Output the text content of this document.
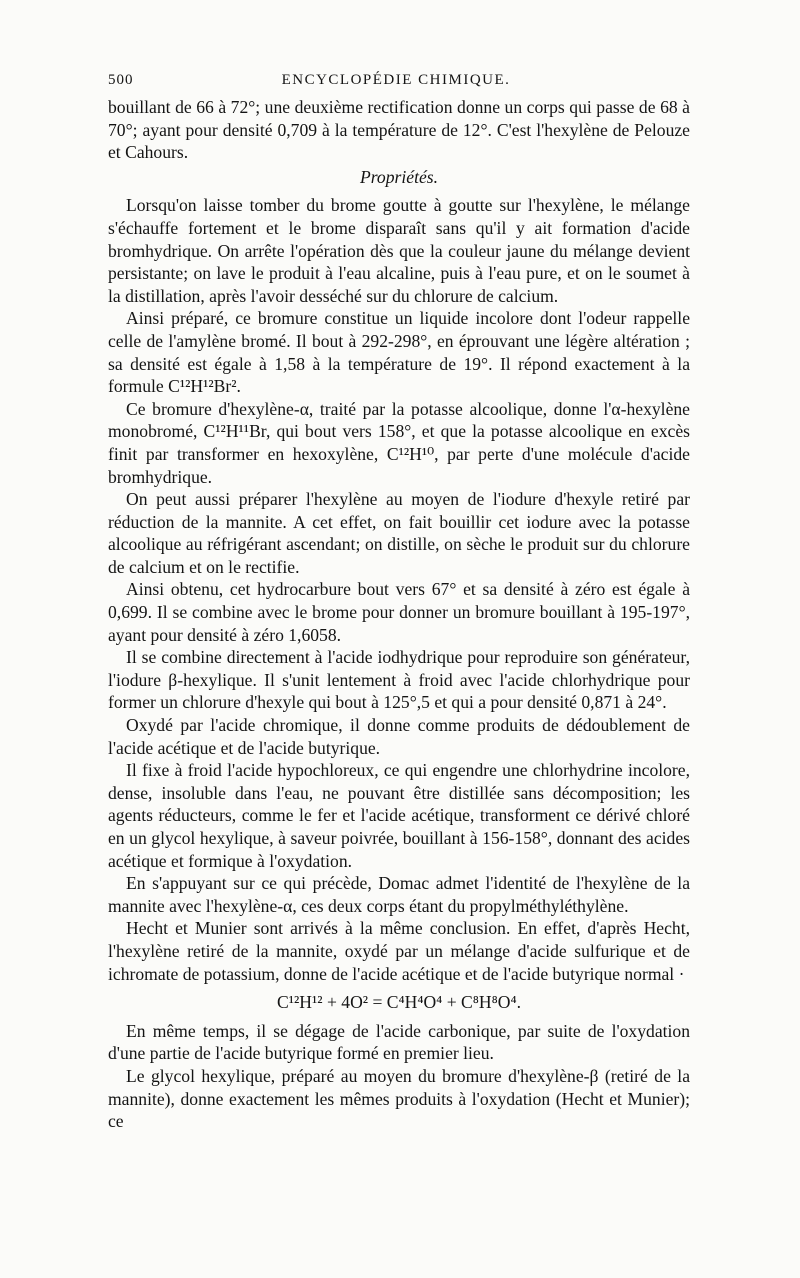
500	ENCYCLOPÉDIE CHIMIQUE.

bouillant de 66 à 72°; une deuxième rectification donne un corps qui passe de 68 à 70°; ayant pour densité 0,709 à la température de 12°. C'est l'hexylène de Pelouze et Cahours.

Propriétés.

Lorsqu'on laisse tomber du brome goutte à goutte sur l'hexylène, le mélange s'échauffe fortement et le brome disparaît sans qu'il y ait formation d'acide bromhydrique. On arrête l'opération dès que la couleur jaune du mélange devient persistante; on lave le produit à l'eau alcaline, puis à l'eau pure, et on le soumet à la distillation, après l'avoir desséché sur du chlorure de calcium.

Ainsi préparé, ce bromure constitue un liquide incolore dont l'odeur rappelle celle de l'amylène bromé. Il bout à 292-298°, en éprouvant une légère altération ; sa densité est égale à 1,58 à la température de 19°. Il répond exactement à la formule C¹²H¹²Br².

Ce bromure d'hexylène-α, traité par la potasse alcoolique, donne l'α-hexylène monobromé, C¹²H¹¹Br, qui bout vers 158°, et que la potasse alcoolique en excès finit par transformer en hexoxylène, C¹²H¹⁰, par perte d'une molécule d'acide bromhydrique.

On peut aussi préparer l'hexylène au moyen de l'iodure d'hexyle retiré par réduction de la mannite. A cet effet, on fait bouillir cet iodure avec la potasse alcoolique au réfrigérant ascendant; on distille, on sèche le produit sur du chlorure de calcium et on le rectifie.

Ainsi obtenu, cet hydrocarbure bout vers 67° et sa densité à zéro est égale à 0,699. Il se combine avec le brome pour donner un bromure bouillant à 195-197°, ayant pour densité à zéro 1,6058.

Il se combine directement à l'acide iodhydrique pour reproduire son générateur, l'iodure β-hexylique. Il s'unit lentement à froid avec l'acide chlorhydrique pour former un chlorure d'hexyle qui bout à 125°,5 et qui a pour densité 0,871 à 24°.

Oxydé par l'acide chromique, il donne comme produits de dédoublement de l'acide acétique et de l'acide butyrique.

Il fixe à froid l'acide hypochloreux, ce qui engendre une chlorhydrine incolore, dense, insoluble dans l'eau, ne pouvant être distillée sans décomposition; les agents réducteurs, comme le fer et l'acide acétique, transforment ce dérivé chloré en un glycol hexylique, à saveur poivrée, bouillant à 156-158°, donnant des acides acétique et formique à l'oxydation.

En s'appuyant sur ce qui précède, Domac admet l'identité de l'hexylène de la mannite avec l'hexylène-α, ces deux corps étant du propylméthyléthylène.

Hecht et Munier sont arrivés à la même conclusion. En effet, d'après Hecht, l'hexylène retiré de la mannite, oxydé par un mélange d'acide sulfurique et de ichromate de potassium, donne de l'acide acétique et de l'acide butyrique normal ·

C¹²H¹² + 4O² = C⁴H⁴O⁴ + C⁸H⁸O⁴.

En même temps, il se dégage de l'acide carbonique, par suite de l'oxydation d'une partie de l'acide butyrique formé en premier lieu.

Le glycol hexylique, préparé au moyen du bromure d'hexylène-β (retiré de la mannite), donne exactement les mêmes produits à l'oxydation (Hecht et Munier); ce
